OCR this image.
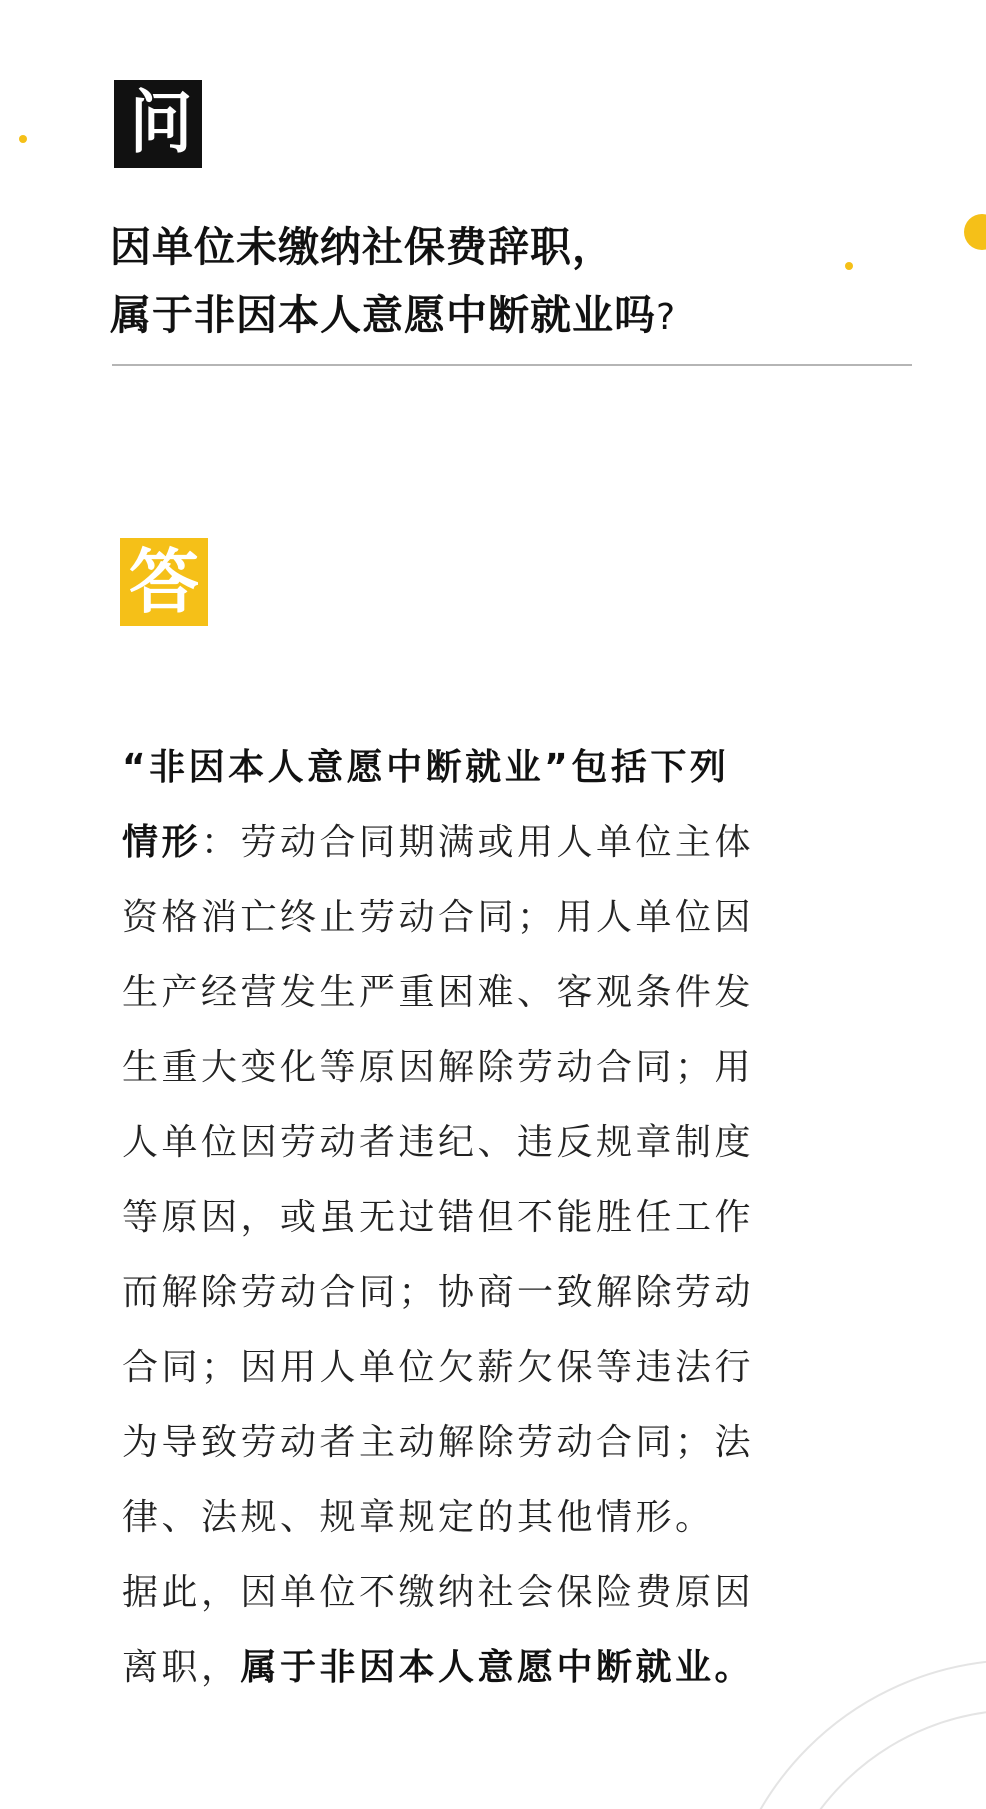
问
因单位未缴纳社保费辞职，
属于非因本人意愿中断就业吗?
答
“非因本人意愿中断就业”包括下列
情形：劳动合同期满或用人单位主体
资格消亡终止劳动合同；用人单位因
生产经营发生严重困难、客观条件发
生重大变化等原因解除劳动合同；用
人单位因劳动者违纪、违反规章制度
等原因，或虽无过错但不能胜任工作
而解除劳动合同；协商一致解除劳动
合同；因用人单位欠薪欠保等违法行
为导致劳动者主动解除劳动合同；法
律、法规、规章规定的其他情形。
据此，因单位不缴纳社会保险费原因
离职，属于非因本人意愿中断就业。
